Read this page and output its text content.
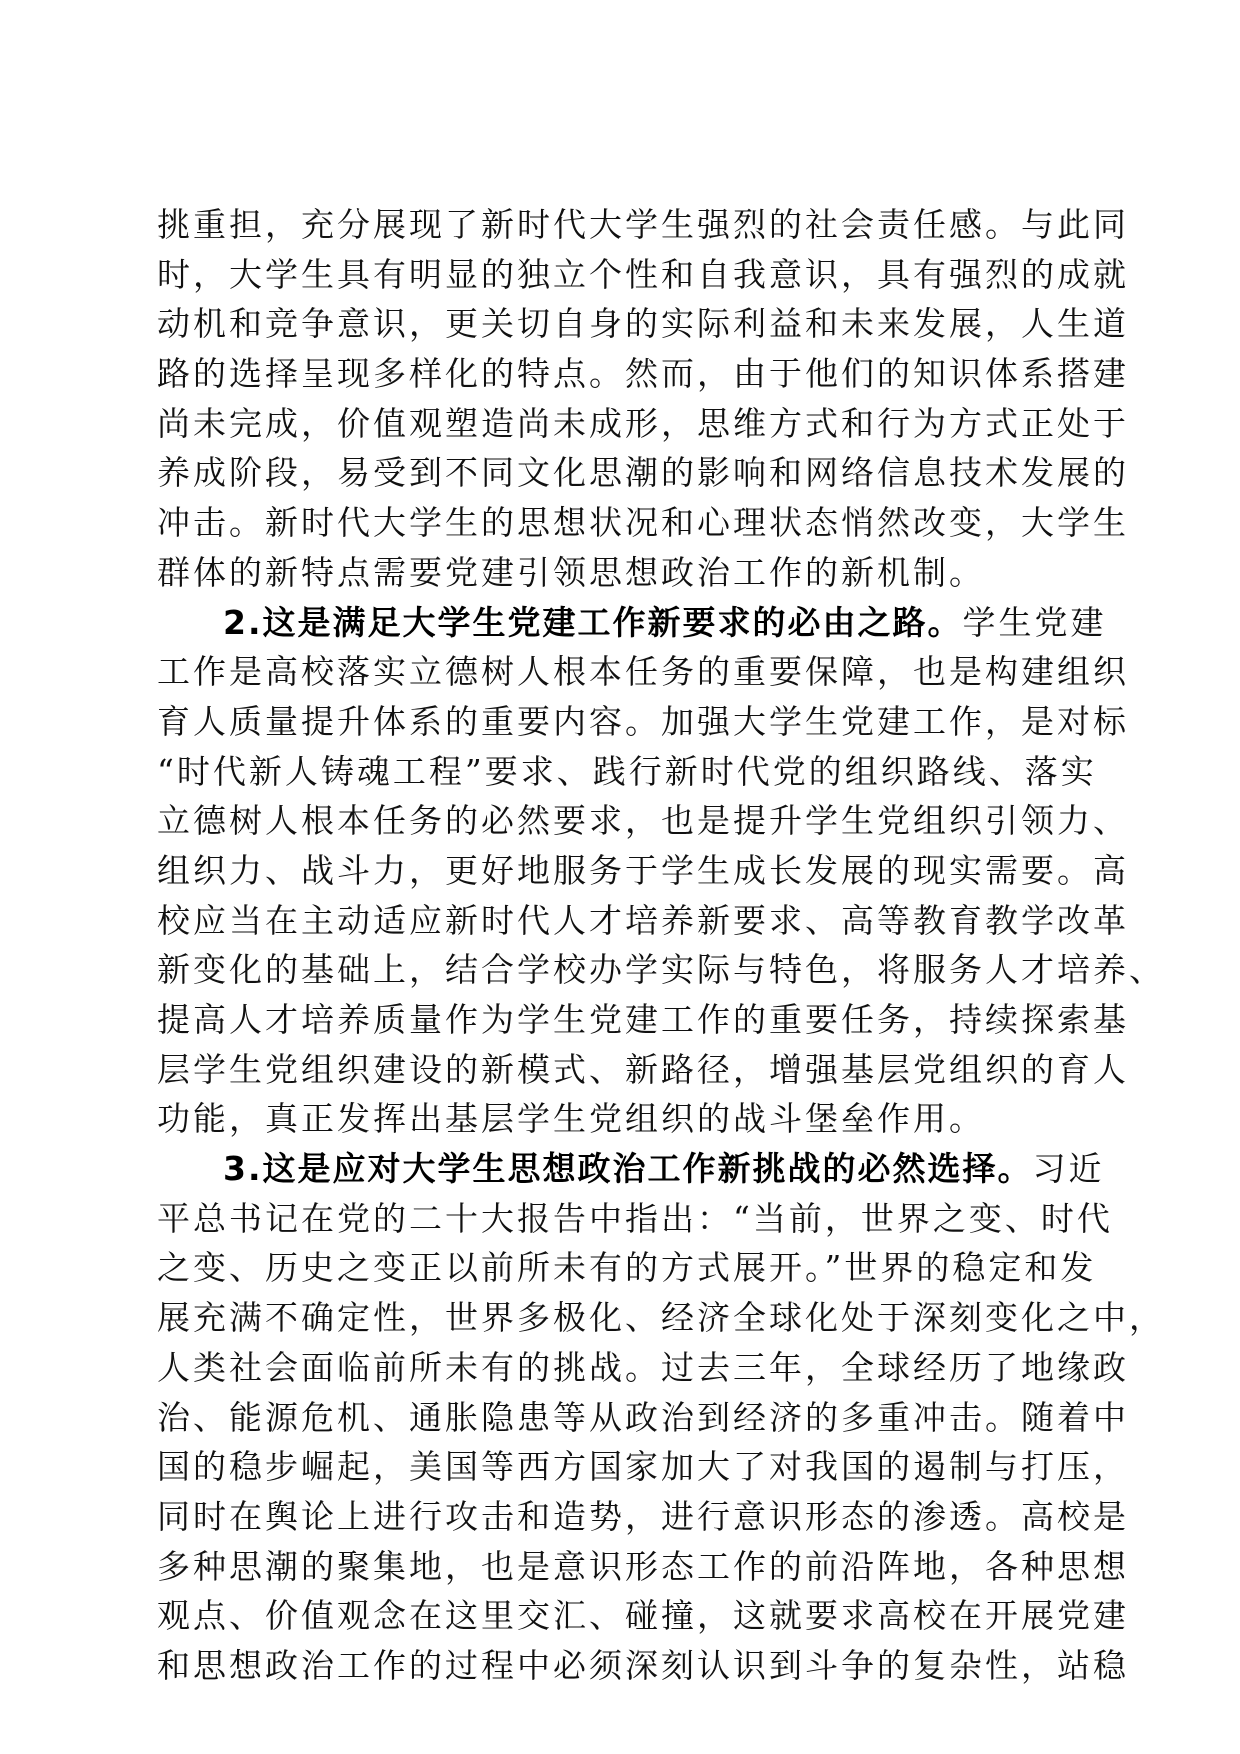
挑重担，充分展现了新时代大学生强烈的社会责任感。与此同
时，大学生具有明显的独立个性和自我意识，具有强烈的成就
动机和竞争意识，更关切自身的实际利益和未来发展，人生道
路的选择呈现多样化的特点。然而，由于他们的知识体系搭建
尚未完成，价值观塑造尚未成形，思维方式和行为方式正处于
养成阶段，易受到不同文化思潮的影响和网络信息技术发展的
冲击。新时代大学生的思想状况和心理状态悄然改变，大学生
群体的新特点需要党建引领思想政治工作的新机制。
2.这是满足大学生党建工作新要求的必由之路。学生党建
工作是高校落实立德树人根本任务的重要保障，也是构建组织
育人质量提升体系的重要内容。加强大学生党建工作，是对标
“时代新人铸魂工程”要求、践行新时代党的组织路线、落实
立德树人根本任务的必然要求，也是提升学生党组织引领力、
组织力、战斗力，更好地服务于学生成长发展的现实需要。高
校应当在主动适应新时代人才培养新要求、高等教育教学改革
新变化的基础上，结合学校办学实际与特色，将服务人才培养、
提高人才培养质量作为学生党建工作的重要任务，持续探索基
层学生党组织建设的新模式、新路径，增强基层党组织的育人
功能，真正发挥出基层学生党组织的战斗堡垒作用。
3.这是应对大学生思想政治工作新挑战的必然选择。习近
平总书记在党的二十大报告中指出：“当前，世界之变、时代
之变、历史之变正以前所未有的方式展开。”世界的稳定和发
展充满不确定性，世界多极化、经济全球化处于深刻变化之中，
人类社会面临前所未有的挑战。过去三年，全球经历了地缘政
治、能源危机、通胀隐患等从政治到经济的多重冲击。随着中
国的稳步崛起，美国等西方国家加大了对我国的遏制与打压，
同时在舆论上进行攻击和造势，进行意识形态的渗透。高校是
多种思潮的聚集地，也是意识形态工作的前沿阵地，各种思想
观点、价值观念在这里交汇、碰撞，这就要求高校在开展党建
和思想政治工作的过程中必须深刻认识到斗争的复杂性，站稳
